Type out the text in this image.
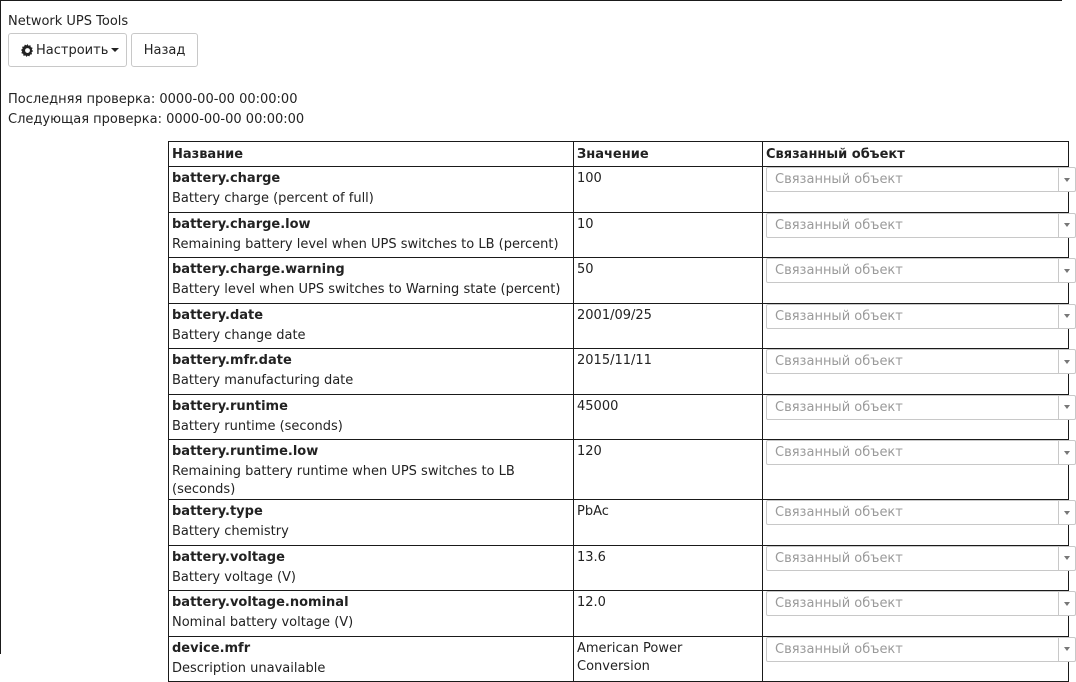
Network UPS Tools
Настроить	Назад
Последняя проверка: 0000-00-00 00:00:00
Следующая проверка: 0000-00-00 00:00:00
Название	Значение	Связанный объект

battery.charge
Battery charge (percent of full)	100	Связанный объект

battery.charge.low
Remaining battery level when UPS switches to LB (percent)	10	Связанный объект

battery.charge.warning
Battery level when UPS switches to Warning state (percent)	50	Связанный объект

battery.date
Battery change date	2001/09/25	Связанный объект

battery.mfr.date
Battery manufacturing date	2015/11/11	Связанный объект

battery.runtime
Battery runtime (seconds)	45000	Связанный объект

battery.runtime.low
Remaining battery runtime when UPS switches to LB (seconds)	120	Связанный объект

battery.type
Battery chemistry	PbAc	Связанный объект

battery.voltage
Battery voltage (V)	13.6	Связанный объект

battery.voltage.nominal
Nominal battery voltage (V)	12.0	Связанный объект

device.mfr
Description unavailable	American Power Conversion	Связанный объект
